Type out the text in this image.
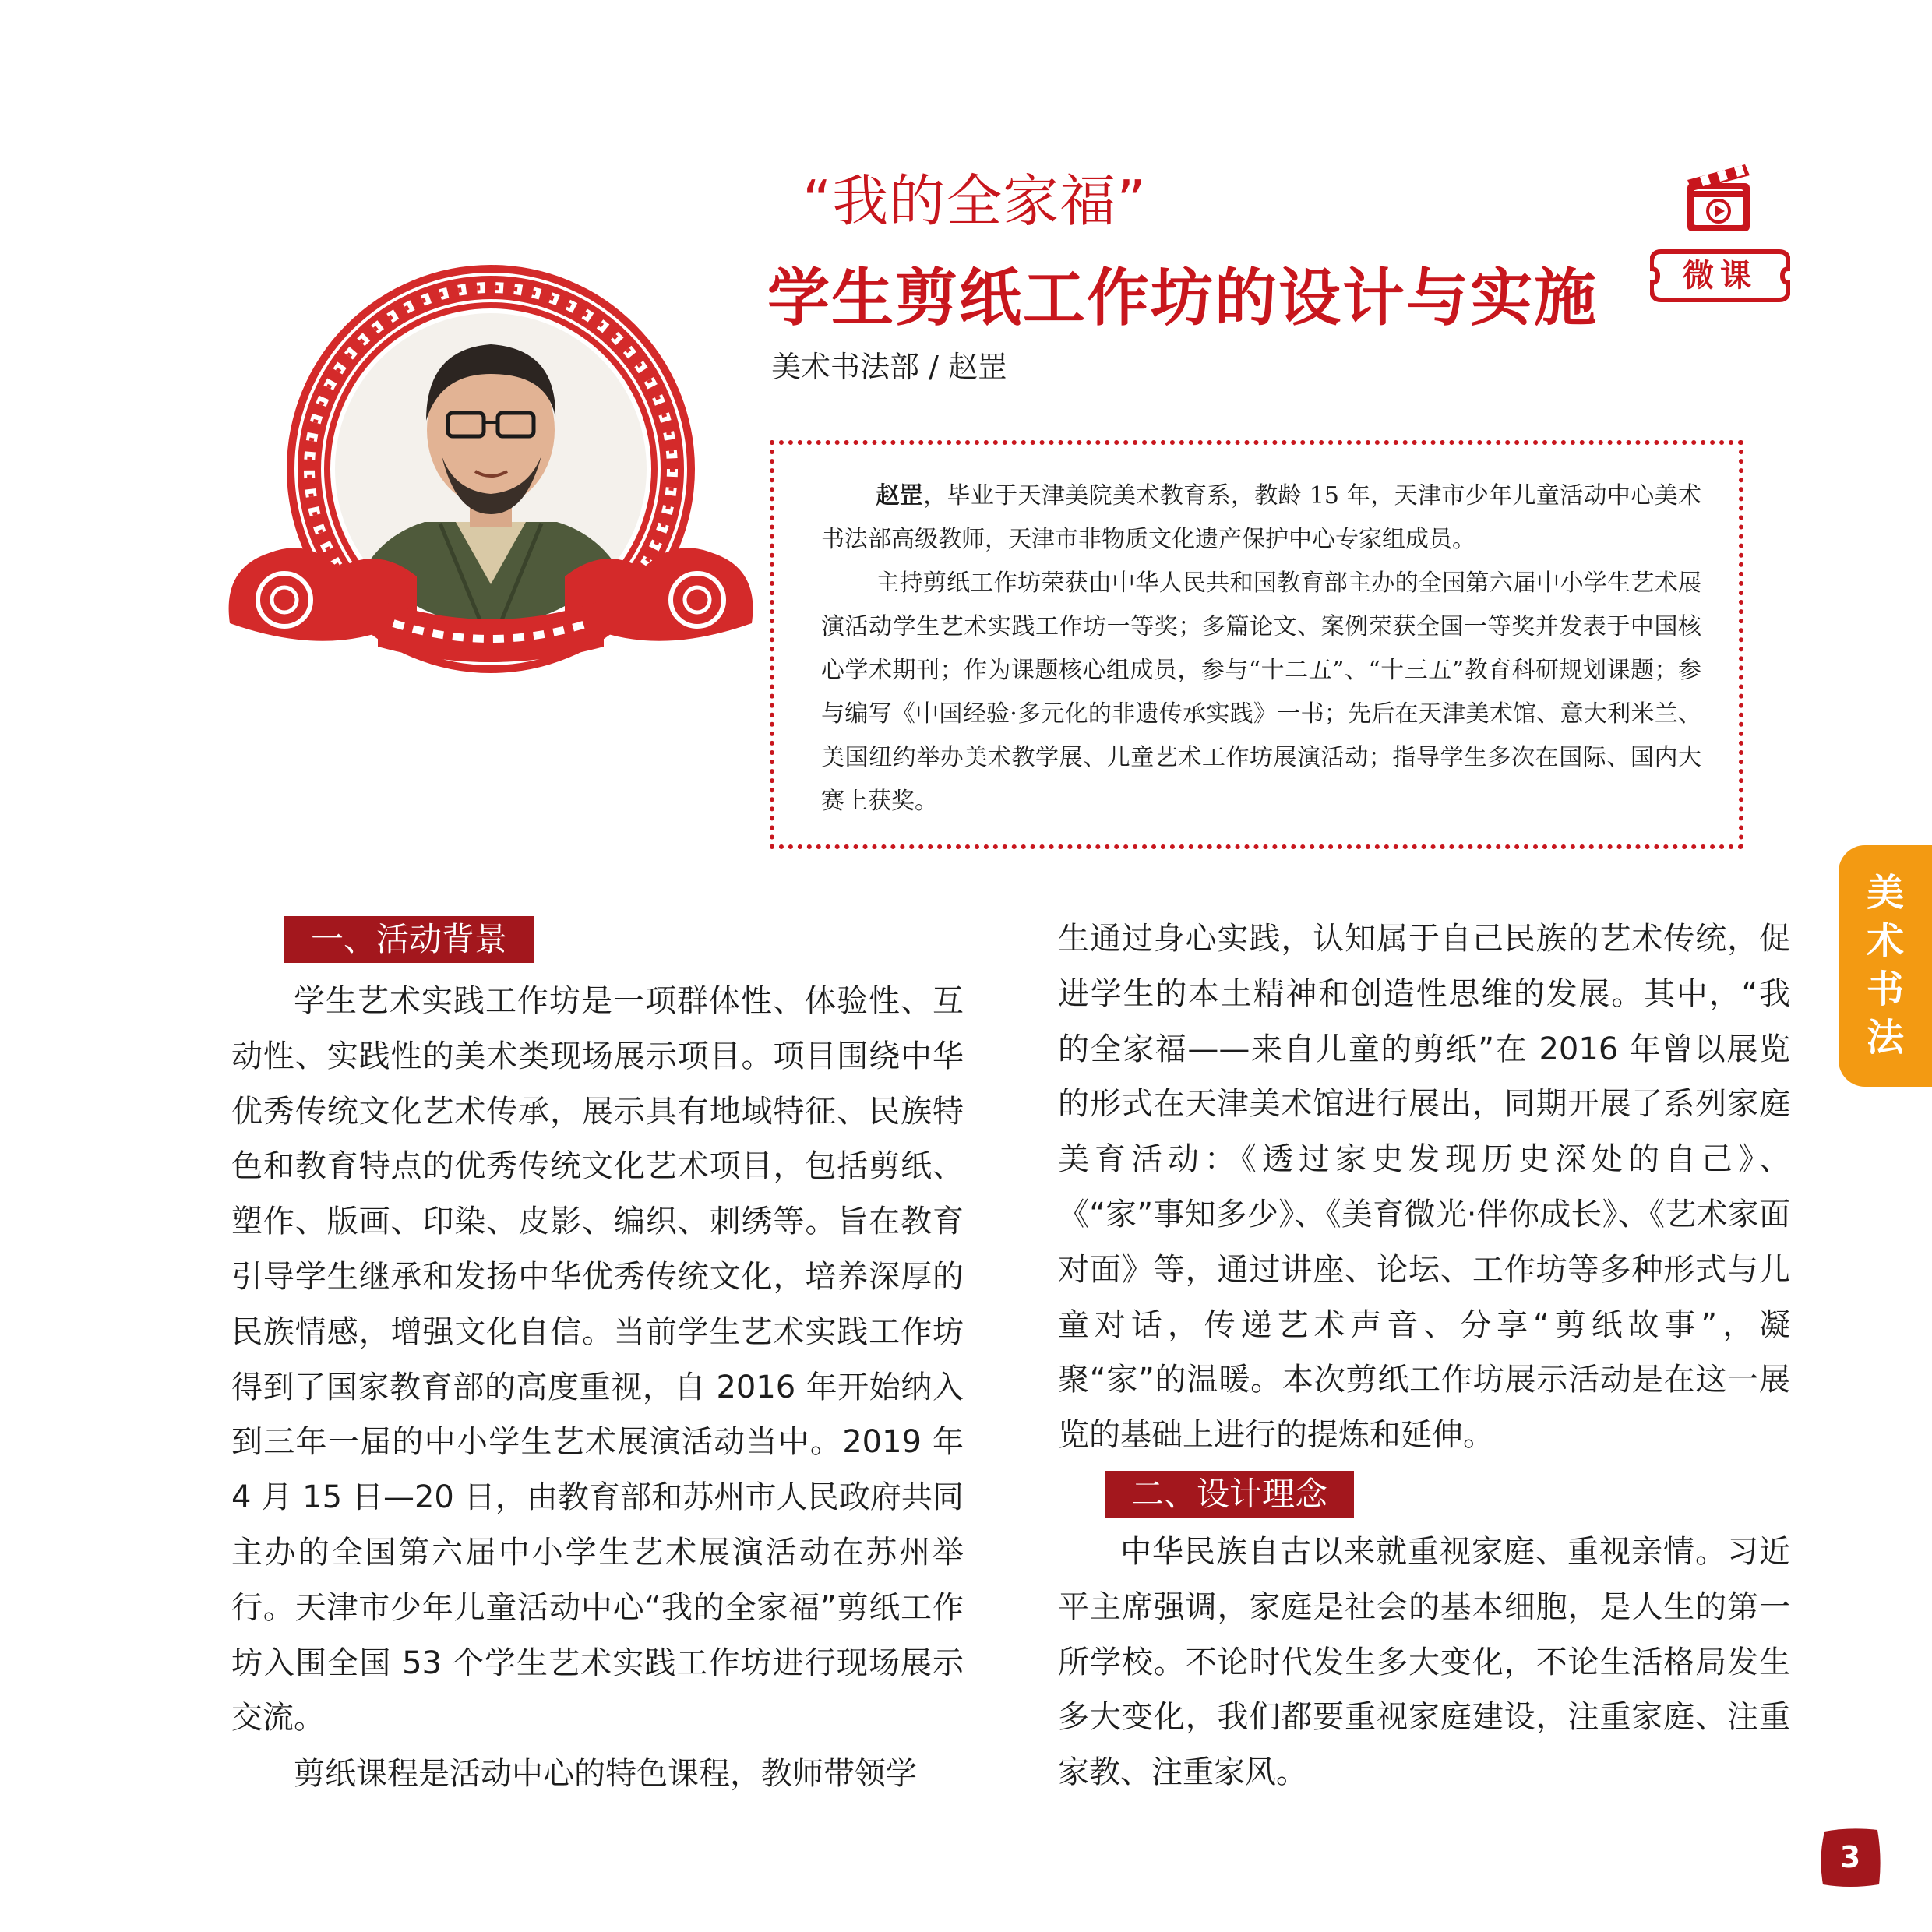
“我的全家福”
学生剪纸工作坊的设计与实施
美术书法部 / 赵罡
微课

赵罡，毕业于天津美院美术教育系，教龄 15 年，天津市少年儿童活动中心美术书法部高级教师，天津市非物质文化遗产保护中心专家组成员。

主持剪纸工作坊荣获由中华人民共和国教育部主办的全国第六届中小学生艺术展演活动学生艺术实践工作坊一等奖；多篇论文、案例荣获全国一等奖并发表于中国核心学术期刊；作为课题核心组成员，参与“十二五”、“十三五”教育科研规划课题；参与编写《中国经验·多元化的非遗传承实践》一书；先后在天津美术馆、意大利米兰、美国纽约举办美术教学展、儿童艺术工作坊展演活动；指导学生多次在国际、国内大赛上获奖。

一、活动背景

学生艺术实践工作坊是一项群体性、体验性、互动性、实践性的美术类现场展示项目。项目围绕中华优秀传统文化艺术传承，展示具有地域特征、民族特色和教育特点的优秀传统文化艺术项目，包括剪纸、塑作、版画、印染、皮影、编织、刺绣等。旨在教育引导学生继承和发扬中华优秀传统文化，培养深厚的民族情感，增强文化自信。当前学生艺术实践工作坊得到了国家教育部的高度重视，自 2016 年开始纳入到三年一届的中小学生艺术展演活动当中。2019 年 4 月 15 日—20 日，由教育部和苏州市人民政府共同主办的全国第六届中小学生艺术展演活动在苏州举行。天津市少年儿童活动中心“我的全家福”剪纸工作坊入围全国 53 个学生艺术实践工作坊进行现场展示交流。

剪纸课程是活动中心的特色课程，教师带领学

生通过身心实践，认知属于自己民族的艺术传统，促进学生的本土精神和创造性思维的发展。其中，“我的全家福——来自儿童的剪纸”在 2016 年曾以展览的形式在天津美术馆进行展出，同期开展了系列家庭美育活动：《透过家史发现历史深处的自己》、《“家”事知多少》、《美育微光·伴你成长》、《艺术家面对面》等，通过讲座、论坛、工作坊等多种形式与儿童对话，传递艺术声音、分享“剪纸故事”，凝聚“家”的温暖。本次剪纸工作坊展示活动是在这一展览的基础上进行的提炼和延伸。

二、设计理念

中华民族自古以来就重视家庭、重视亲情。习近平主席强调，家庭是社会的基本细胞，是人生的第一所学校。不论时代发生多大变化，不论生活格局发生多大变化，我们都要重视家庭建设，注重家庭、注重家教、注重家风。

美
术
书
法
3
